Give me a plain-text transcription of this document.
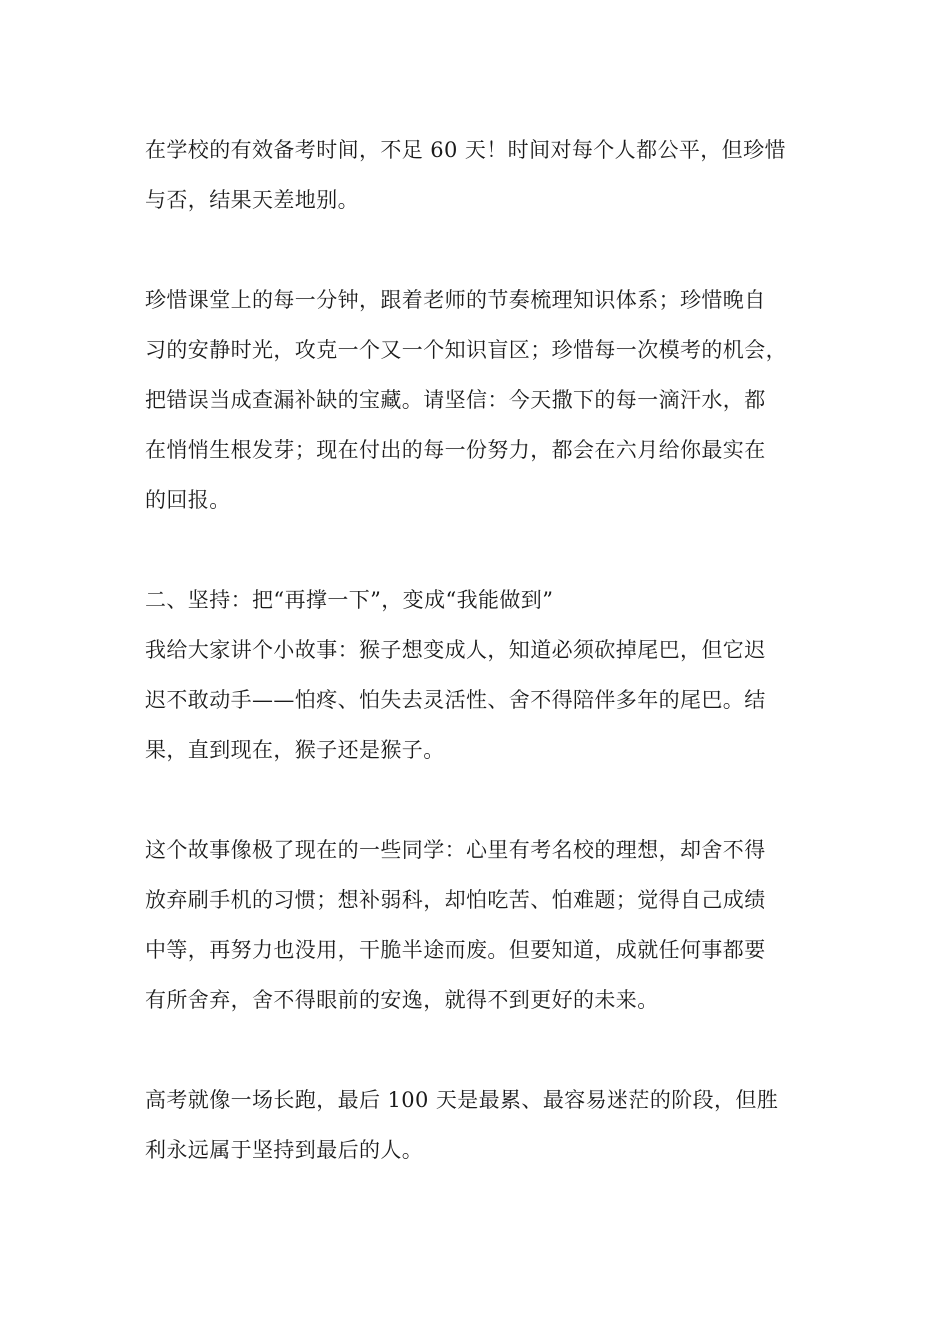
在学校的有效备考时间，不足 60 天！时间对每个人都公平，但珍惜

与否，结果天差地别。

珍惜课堂上的每一分钟，跟着老师的节奏梳理知识体系；珍惜晚自

习的安静时光，攻克一个又一个知识盲区；珍惜每一次模考的机会，

把错误当成查漏补缺的宝藏。请坚信：今天撒下的每一滴汗水，都

在悄悄生根发芽；现在付出的每一份努力，都会在六月给你最实在

的回报。

二、坚持：把“再撑一下”，变成“我能做到”

我给大家讲个小故事：猴子想变成人，知道必须砍掉尾巴，但它迟

迟不敢动手——怕疼、怕失去灵活性、舍不得陪伴多年的尾巴。结

果，直到现在，猴子还是猴子。

这个故事像极了现在的一些同学：心里有考名校的理想，却舍不得

放弃刷手机的习惯；想补弱科，却怕吃苦、怕难题；觉得自己成绩

中等，再努力也没用，干脆半途而废。但要知道，成就任何事都要

有所舍弃，舍不得眼前的安逸，就得不到更好的未来。

高考就像一场长跑，最后 100 天是最累、最容易迷茫的阶段，但胜

利永远属于坚持到最后的人。
